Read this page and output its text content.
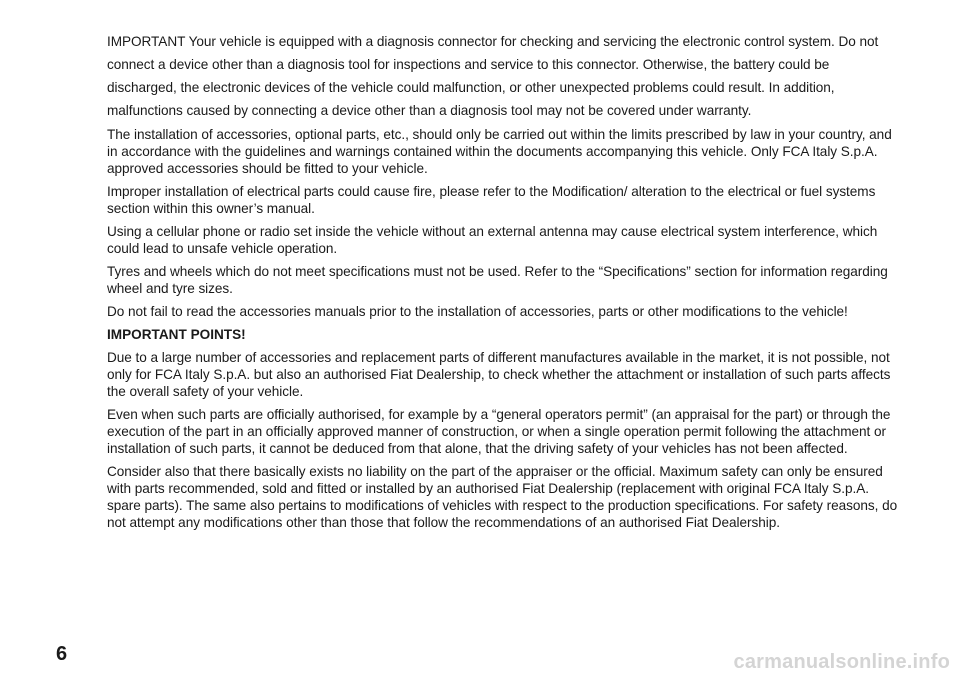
IMPORTANT Your vehicle is equipped with a diagnosis connector for checking and servicing the electronic control system. Do not connect a device other than a diagnosis tool for inspections and service to this connector. Otherwise, the battery could be discharged, the electronic devices of the vehicle could malfunction, or other unexpected problems could result. In addition, malfunctions caused by connecting a device other than a diagnosis tool may not be covered under warranty.

The installation of accessories, optional parts, etc., should only be carried out within the limits prescribed by law in your country, and in accordance with the guidelines and warnings contained within the documents accompanying this vehicle. Only FCA Italy S.p.A. approved accessories should be fitted to your vehicle.

Improper installation of electrical parts could cause fire, please refer to the Modification/ alteration to the electrical or fuel systems section within this owner’s manual.

Using a cellular phone or radio set inside the vehicle without an external antenna may cause electrical system interference, which could lead to unsafe vehicle operation.

Tyres and wheels which do not meet specifications must not be used. Refer to the “Specifications” section for information regarding wheel and tyre sizes.

Do not fail to read the accessories manuals prior to the installation of accessories, parts or other modifications to the vehicle!

IMPORTANT POINTS!

Due to a large number of accessories and replacement parts of different manufactures available in the market, it is not possible, not only for FCA Italy S.p.A. but also an authorised Fiat Dealership, to check whether the attachment or installation of such parts affects the overall safety of your vehicle.

Even when such parts are officially authorised, for example by a “general operators permit” (an appraisal for the part) or through the execution of the part in an officially approved manner of construction, or when a single operation permit following the attachment or installation of such parts, it cannot be deduced from that alone, that the driving safety of your vehicles has not been affected.

Consider also that there basically exists no liability on the part of the appraiser or the official. Maximum safety can only be ensured with parts recommended, sold and fitted or installed by an authorised Fiat Dealership (replacement with original FCA Italy S.p.A. spare parts). The same also pertains to modifications of vehicles with respect to the production specifications. For safety reasons, do not attempt any modifications other than those that follow the recommendations of an authorised Fiat Dealership.

6	carmanualsonline.info
